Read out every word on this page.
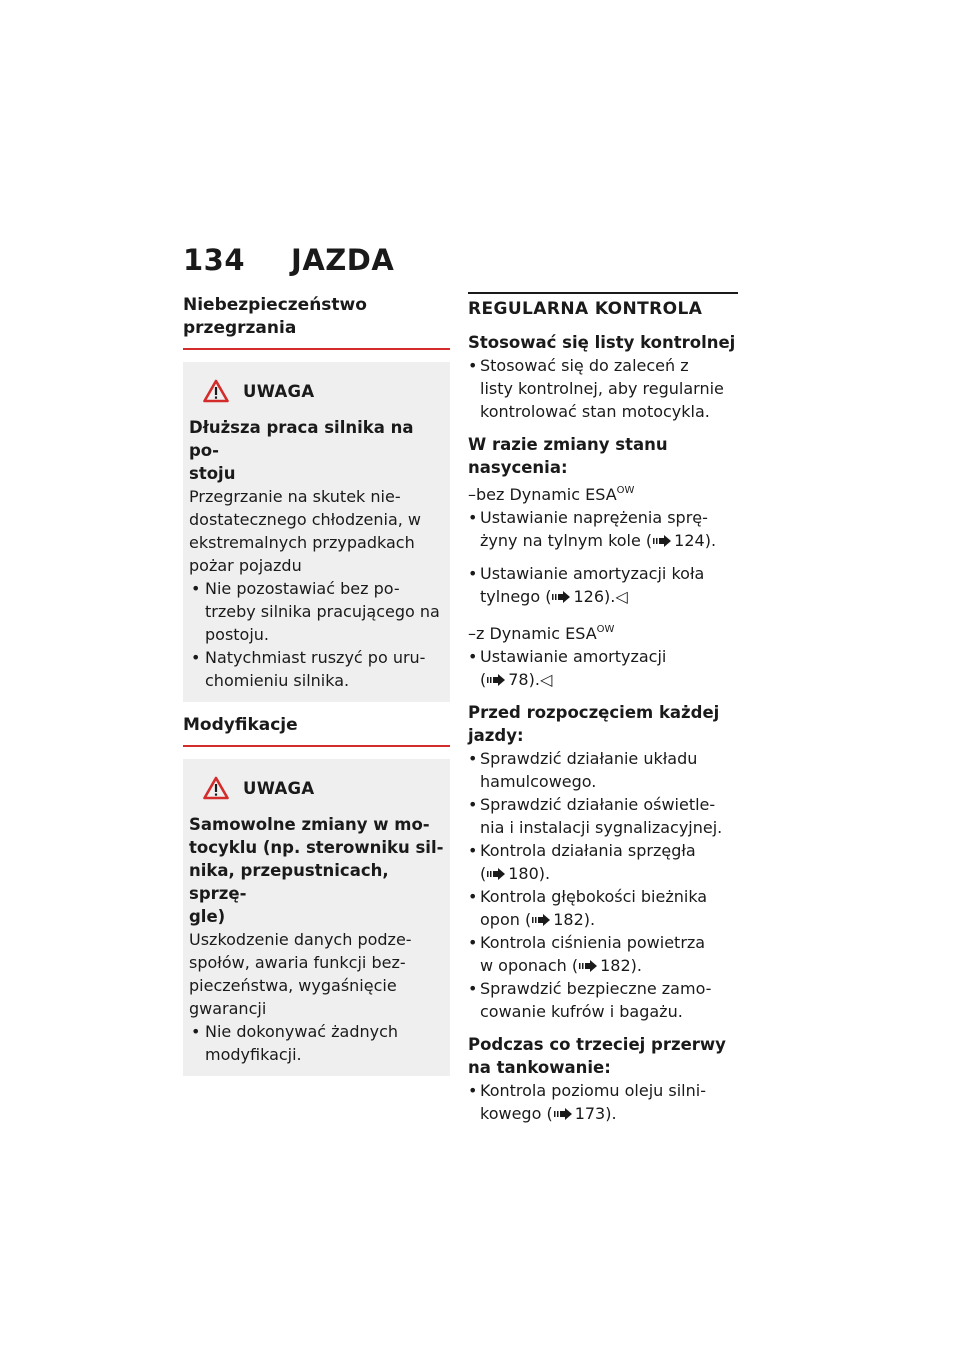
134 JAZDA
Niebezpieczeństwo
przegrzania
UWAGA
Dłuższa praca silnika na po-
stoju
Przegrzanie na skutek nie-
dostatecznego chłodzenia, w
ekstremalnych przypadkach
pożar pojazdu
• Nie pozostawiać bez po-
trzeby silnika pracującego na
postoju.
• Natychmiast ruszyć po uru-
chomieniu silnika.
Modyfikacje
UWAGA
Samowolne zmiany w mo-
tocyklu (np. sterowniku sil-
nika, przepustnicach, sprzę-
gle)
Uszkodzenie danych podze-
społów, awaria funkcji bez-
pieczeństwa, wygaśnięcie
gwarancji
• Nie dokonywać żadnych
modyfikacji.
REGULARNA KONTROLA
Stosować się listy kontrolnej
• Stosować się do zaleceń z
listy kontrolnej, aby regularnie
kontrolować stan motocykla.
W razie zmiany stanu
nasycenia:
–bez Dynamic $ESA^{OW}$
• Ustawianie naprężenia sprę-
żyny na tylnym kole ( 124).
• Ustawianie amortyzacji koła
tylnego ( 126).◁
–z Dynamic $ESA^{OW}$
• Ustawianie amortyzacji
( 78).◁
Przed rozpoczęciem każdej
jazdy:
• Sprawdzić działanie układu
hamulcowego.
• Sprawdzić działanie oświetle-
nia i instalacji sygnalizacyjnej.
• Kontrola działania sprzęgła
( 180).
• Kontrola głębokości bieżnika
opon ( 182).
• Kontrola ciśnienia powietrza
w oponach ( 182).
• Sprawdzić bezpieczne zamo-
cowanie kufrów i bagażu.
Podczas co trzeciej przerwy
na tankowanie:
• Kontrola poziomu oleju silni-
kowego ( 173).
